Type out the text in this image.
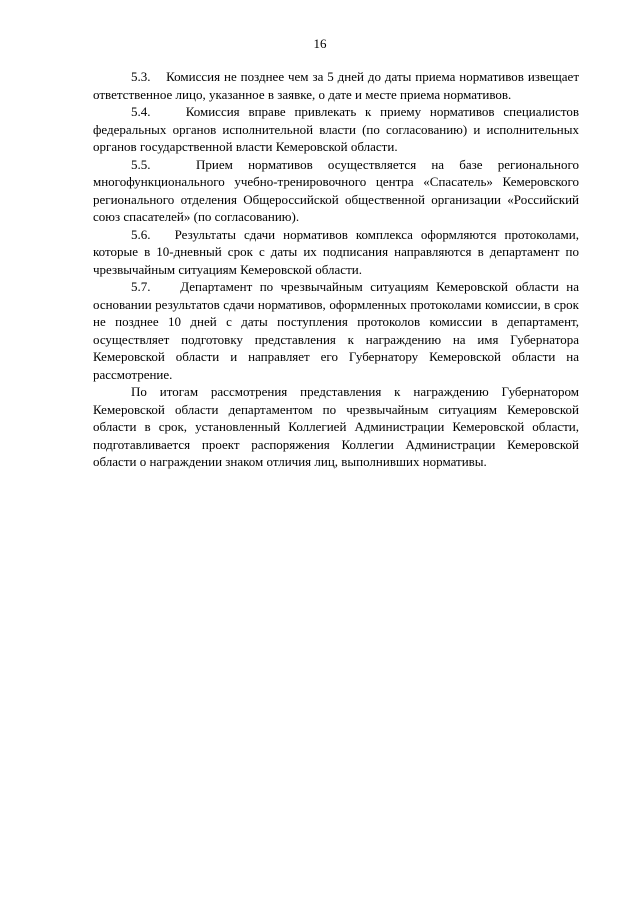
16

5.3. Комиссия не позднее чем за 5 дней до даты приема нормативов извещает ответственное лицо, указанное в заявке, о дате и месте приема нормативов.

5.4.	Комиссия вправе привлекать к приему нормативов специалистов федеральных органов исполнительной власти (по согласованию) и исполнительных органов государственной власти Кемеровской области.

5.5.	Прием нормативов осуществляется на базе регионального многофункционального учебно-тренировочного центра «Спасатель» Кемеровского регионального отделения Общероссийской общественной организации «Российский союз спасателей» (по согласованию).

5.6. Результаты сдачи нормативов комплекса оформляются протоколами, которые в 10-дневный срок с даты их подписания направляются в департамент по чрезвычайным ситуациям Кемеровской области.

5.7. Департамент по чрезвычайным ситуациям Кемеровской области на основании результатов сдачи нормативов, оформленных протоколами комиссии, в срок не позднее 10 дней с даты поступления протоколов комиссии в департамент, осуществляет подготовку представления к награждению на имя Губернатора Кемеровской области и направляет его Губернатору Кемеровской области на рассмотрение.

По итогам рассмотрения представления к награждению Губернатором Кемеровской области департаментом по чрезвычайным ситуациям Кемеровской области в срок, установленный Коллегией Администрации Кемеровской области, подготавливается проект распоряжения Коллегии Администрации Кемеровской области о награждении знаком отличия лиц, выполнивших нормативы.
